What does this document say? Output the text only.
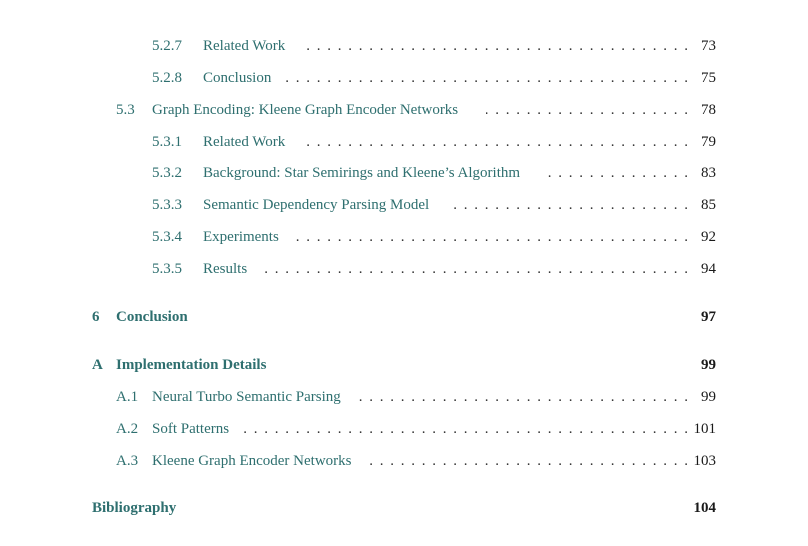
5.2.7 Related Work . . .	73
5.2.8 Conclusion . . .	75
5.3 Graph Encoding: Kleene Graph Encoder Networks . . .	78
5.3.1 Related Work . . .	79
5.3.2 Background: Star Semirings and Kleene’s Algorithm . . .	83
5.3.3 Semantic Dependency Parsing Model . . .	85
5.3.4 Experiments . . .	92
5.3.5 Results . . .	94
6 Conclusion	97
A Implementation Details	99
A.1 Neural Turbo Semantic Parsing . . .	99
A.2 Soft Patterns . . .	101
A.3 Kleene Graph Encoder Networks . . .	103
Bibliography	104
